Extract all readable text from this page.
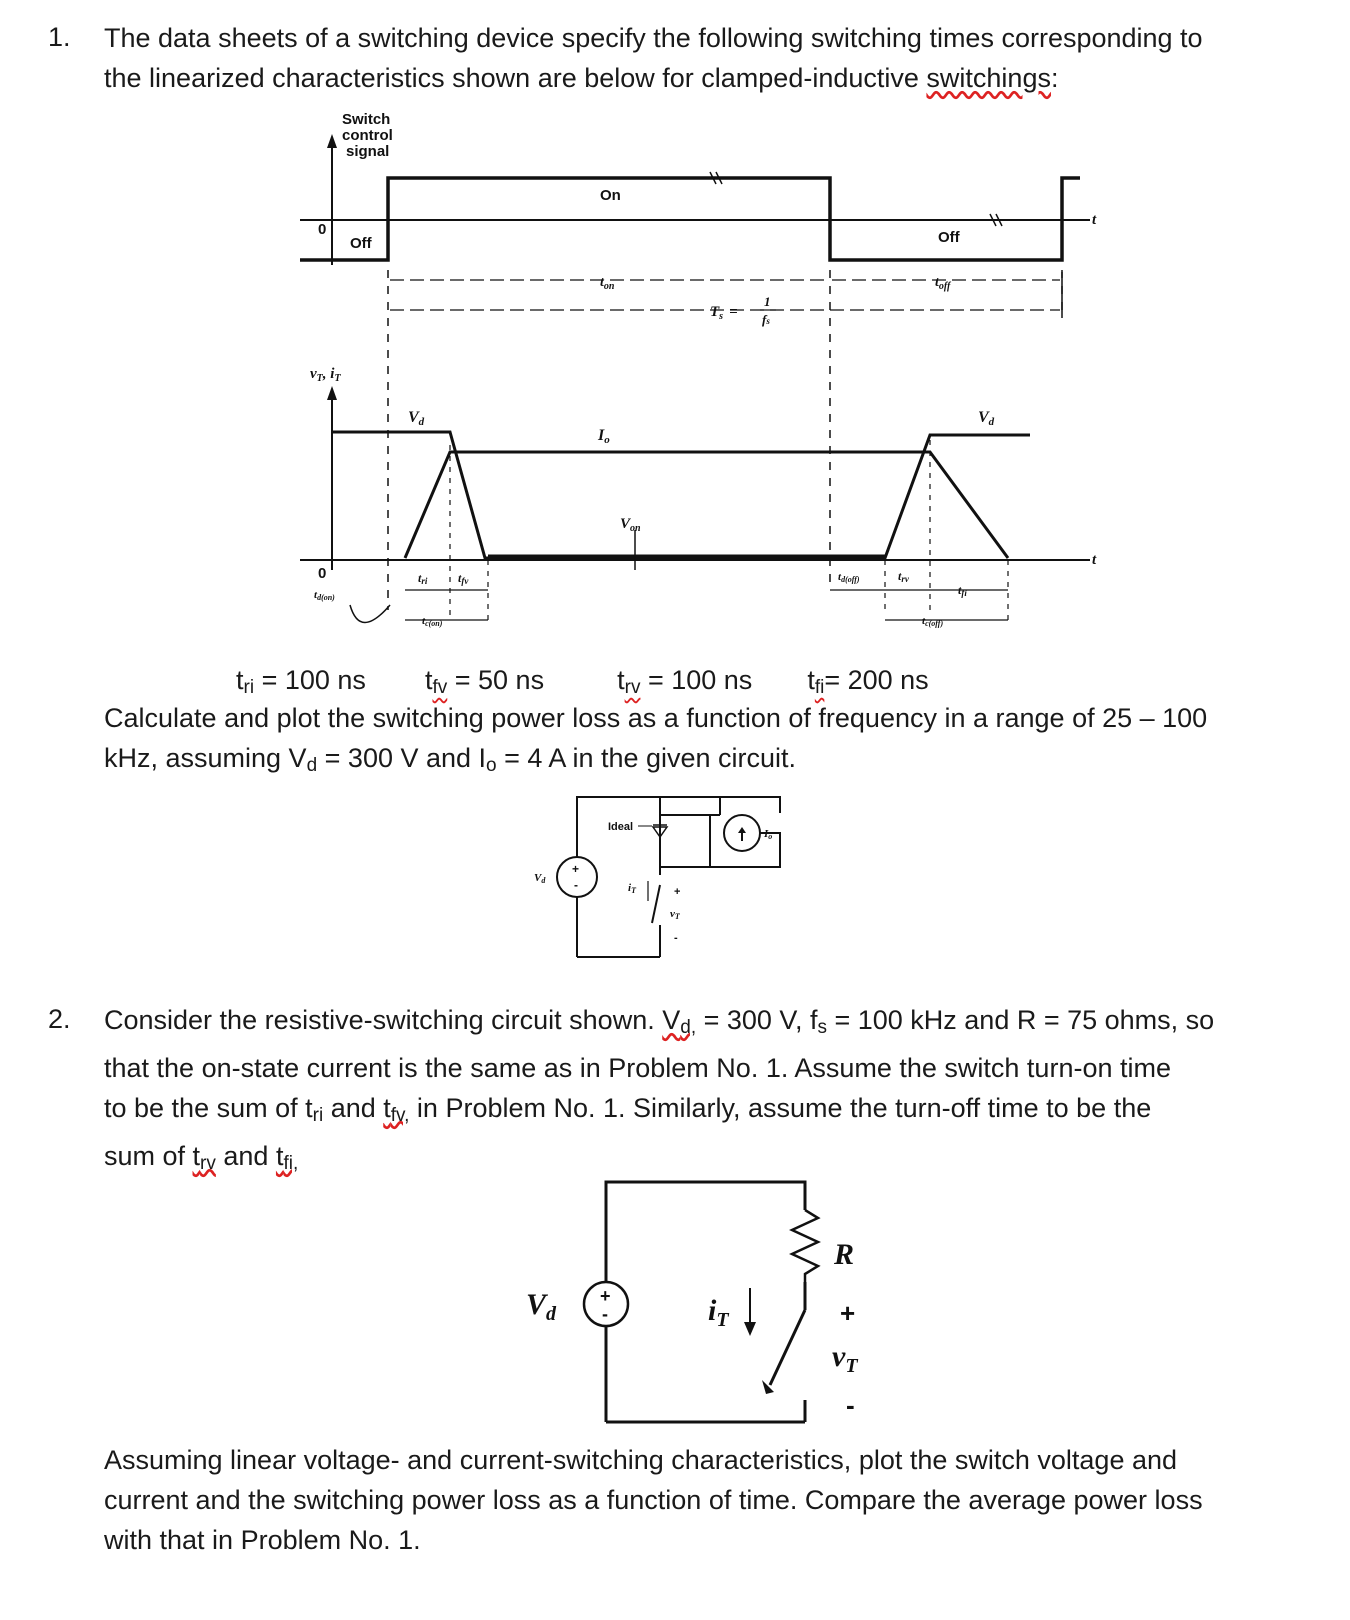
1. The data sheets of a switching device specify the following switching times corresponding to
the linearized characteristics shown are below for clamped-inductive switchings:
Switch
control
signal
0
Off
On
Off
t
$t_{on}$	$t_{off}$
$T_s$ =
1
fs
$v_T$, $i_T$
Vd	Vd
Io
$V_{on}$
0
t
td(on)
tri	tfv
tc(on)
td(off)	trv
tfi
tc(off)
$t_{ri} = 100$ ns $t_{fv} = 50$ ns	$t_{rv} = 100$ ns $t_{fi}= 200$ ns
Calculate and plot the switching power loss as a function of frequency in a range of 25 – 100
kHz, assuming $V_d = 300$ V and $I_o = 4$ A in the given circuit.
Ideal
+
-
Vd
Io
iT	+
vT
-
2. Consider the resistive-switching circuit shown. $V_{d,} = 300$ V, $f_s = 100$ kHz and R = 75 ohms, so
that the on-state current is the same as in Problem No. 1. Assume the switch turn-on time
to be the sum of $t_{ri}$ and $t_{fv,}$ in Problem No. 1. Similarly, assume the turn-off time to be the
sum of $t_{rv}$ and $t_{fi,}$
+
-
$V_d$	$i_T$
R
+
$v_T$
-
Assuming linear voltage- and current-switching characteristics, plot the switch voltage and
current and the switching power loss as a function of time. Compare the average power loss
with that in Problem No. 1.
